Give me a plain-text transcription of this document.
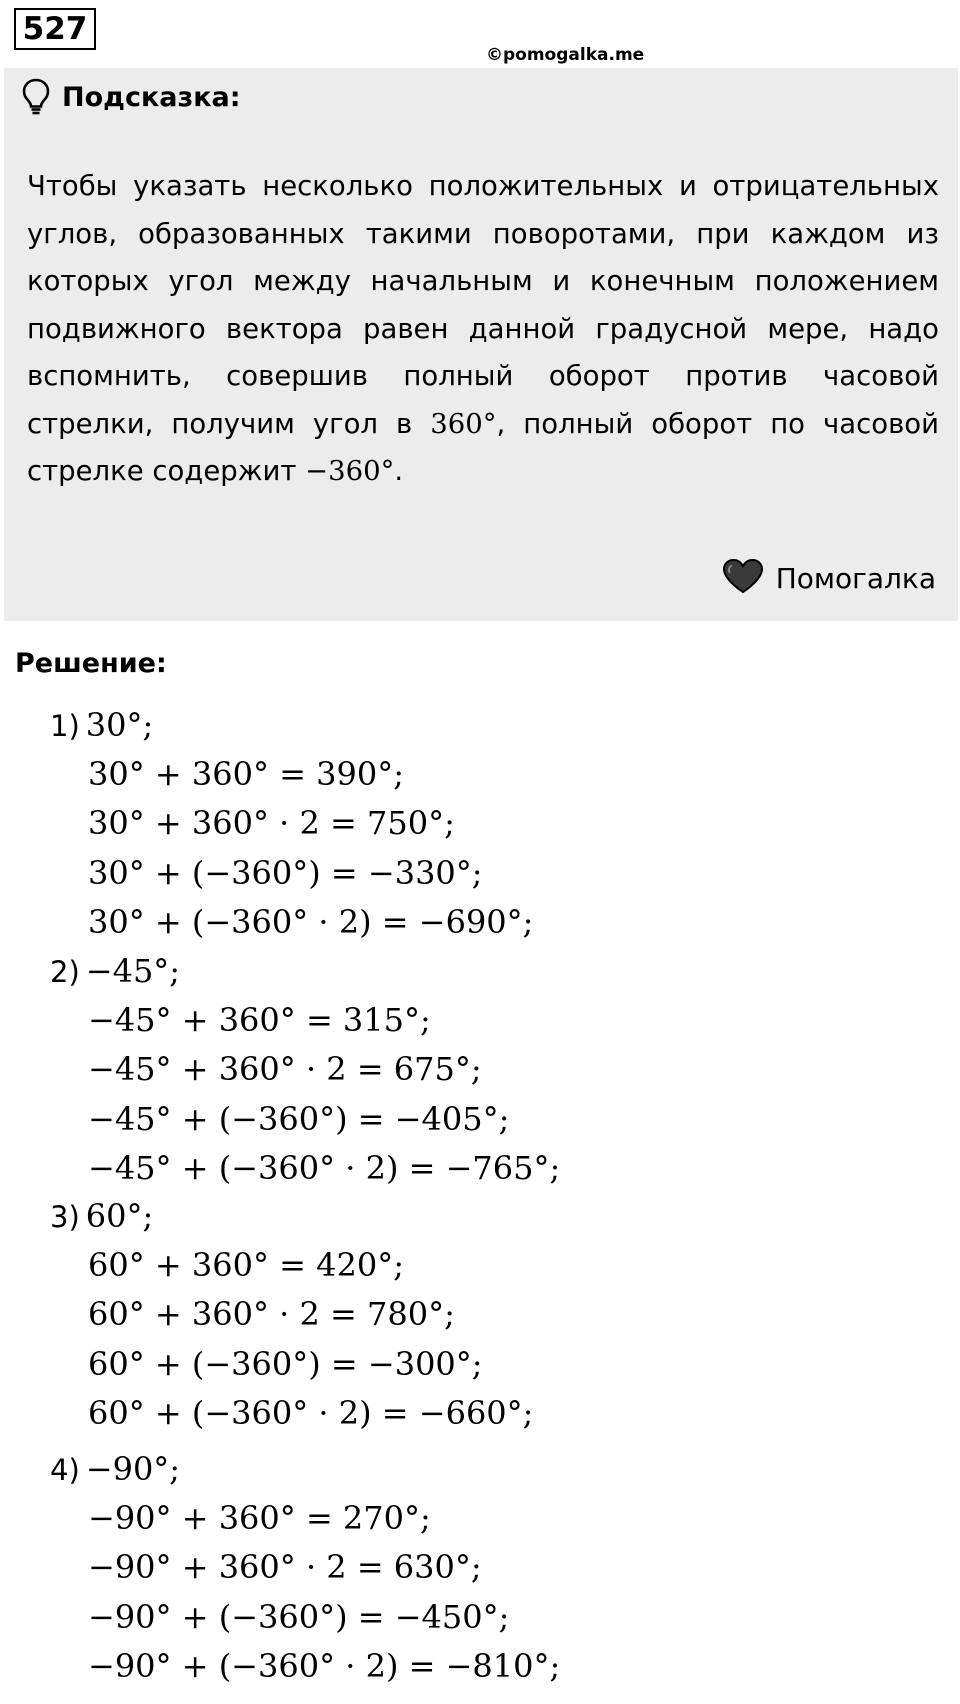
527
©pomogalka.me
Подсказка:
Чтобы указать несколько положительных и отрицательных углов, образованных такими поворотами, при каждом из которых угол между начальным и конечным положением подвижного вектора равен данной градусной мере, надо вспомнить, совершив полный оборот против часовой стрелки, получим угол в 360°, полный оборот по часовой стрелке содержит −360°.
Помогалка
Решение:
1) 30°;
30° + 360° = 390°;
30° + 360° · 2 = 750°;
30° + (−360°) = −330°;
30° + (−360° · 2) = −690°;
2) −45°;
−45° + 360° = 315°;
−45° + 360° · 2 = 675°;
−45° + (−360°) = −405°;
−45° + (−360° · 2) = −765°;
3) 60°;
60° + 360° = 420°;
60° + 360° · 2 = 780°;
60° + (−360°) = −300°;
60° + (−360° · 2) = −660°;
4) −90°;
−90° + 360° = 270°;
−90° + 360° · 2 = 630°;
−90° + (−360°) = −450°;
−90° + (−360° · 2) = −810°;
